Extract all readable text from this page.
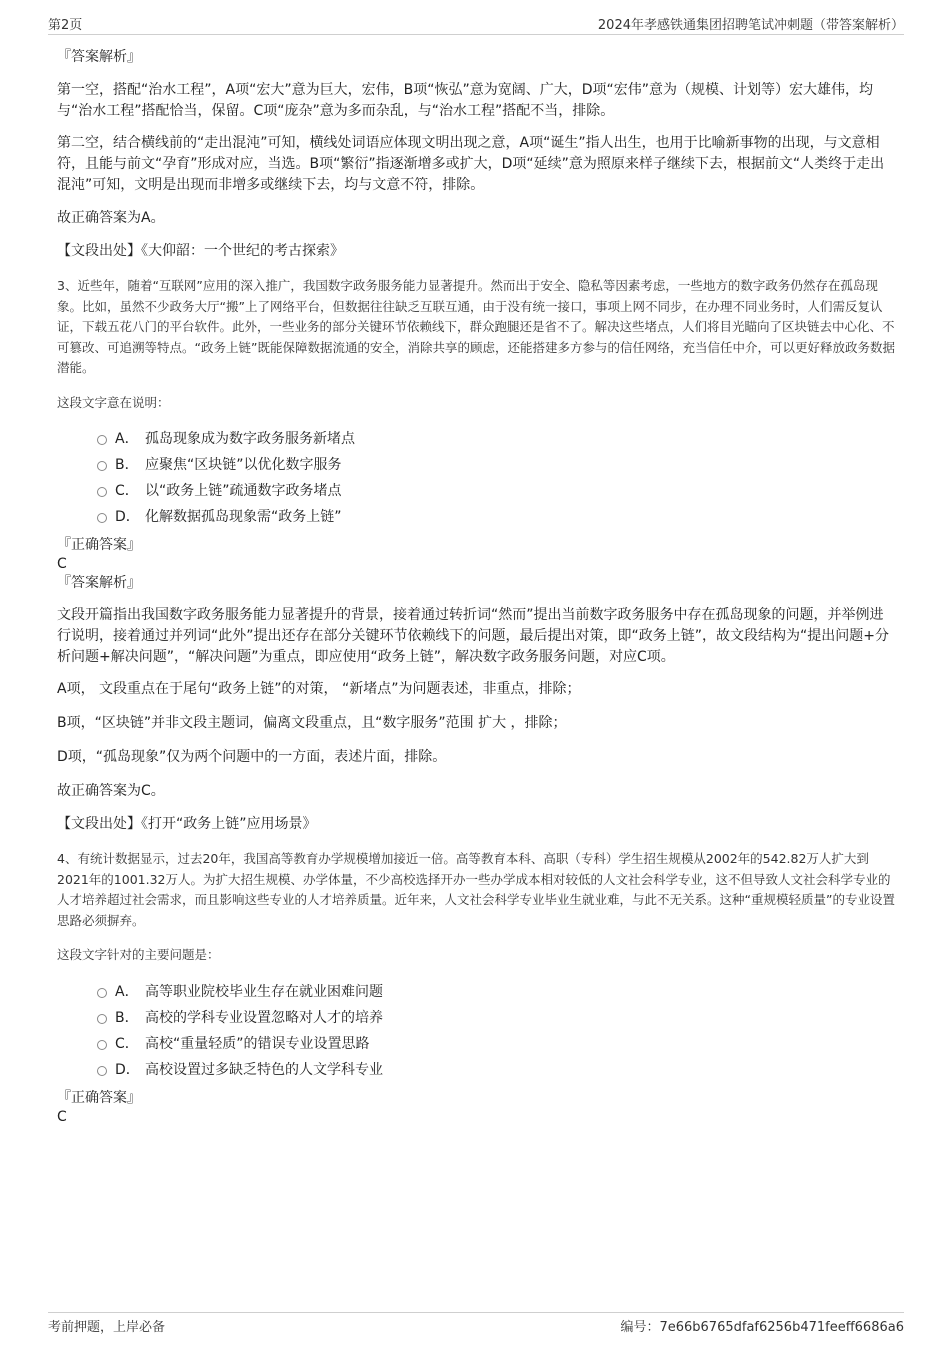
第2页	2024年孝感铁通集团招聘笔试冲刺题（带答案解析）

『答案解析』

第一空，搭配“治水工程”，A项“宏大”意为巨大，宏伟，B项“恢弘”意为宽阔、广大，D项“宏伟”意为（规模、计划等）宏大雄伟，均与“治水工程”搭配恰当，保留。C项“庞杂”意为多而杂乱，与“治水工程”搭配不当，排除。

第二空，结合横线前的“走出混沌”可知，横线处词语应体现文明出现之意，A项“诞生”指人出生，也用于比喻新事物的出现，与文意相符，且能与前文“孕育”形成对应，当选。B项“繁衍”指逐渐增多或扩大，D项“延续”意为照原来样子继续下去，根据前文“人类终于走出混沌”可知，文明是出现而非增多或继续下去，均与文意不符，排除。

故正确答案为A。

【文段出处】《大仰韶：一个世纪的考古探索》

3、近些年，随着“互联网”应用的深入推广，我国数字政务服务能力显著提升。然而出于安全、隐私等因素考虑，一些地方的数字政务仍然存在孤岛现象。比如，虽然不少政务大厅“搬”上了网络平台，但数据往往缺乏互联互通，由于没有统一接口，事项上网不同步，在办理不同业务时，人们需反复认证，下载五花八门的平台软件。此外，一些业务的部分关键环节依赖线下，群众跑腿还是省不了。解决这些堵点，人们将目光瞄向了区块链去中心化、不可篡改、可追溯等特点。“政务上链”既能保障数据流通的安全，消除共享的顾虑，还能搭建多方参与的信任网络，充当信任中介，可以更好释放政务数据潜能。

这段文字意在说明：

A． 孤岛现象成为数字政务服务新堵点
B． 应聚焦“区块链”以优化数字服务
C． 以“政务上链”疏通数字政务堵点
D． 化解数据孤岛现象需“政务上链”

『正确答案』

C

『答案解析』

文段开篇指出我国数字政务服务能力显著提升的背景，接着通过转折词“然而”提出当前数字政务服务中存在孤岛现象的问题，并举例进行说明，接着通过并列词“此外”提出还存在部分关键环节依赖线下的问题，最后提出对策，即“政务上链”，故文段结构为“提出问题+分析问题+解决问题”，“解决问题”为重点，即应使用“政务上链”，解决数字政务服务问题，对应C项。

A项， 文段重点在于尾句“政务上链”的对策， “新堵点”为问题表述，非重点，排除；

B项，“区块链”并非文段主题词，偏离文段重点，且“数字服务”范围 扩大 ，排除；

D项，“孤岛现象”仅为两个问题中的一方面，表述片面，排除。

故正确答案为C。

【文段出处】《打开“政务上链”应用场景》

4、有统计数据显示，过去20年，我国高等教育办学规模增加接近一倍。高等教育本科、高职（专科）学生招生规模从2002年的542.82万人扩大到2021年的1001.32万人。为扩大招生规模、办学体量，不少高校选择开办一些办学成本相对较低的人文社会科学专业，这不但导致人文社会科学专业的人才培养超过社会需求，而且影响这些专业的人才培养质量。近年来，人文社会科学专业毕业生就业难，与此不无关系。这种“重规模轻质量”的专业设置思路必须摒弃。

这段文字针对的主要问题是：

A． 高等职业院校毕业生存在就业困难问题
B． 高校的学科专业设置忽略对人才的培养
C． 高校“重量轻质”的错误专业设置思路
D． 高校设置过多缺乏特色的人文学科专业

『正确答案』

C

考前押题，上岸必备	编号：7e66b6765dfaf6256b471feeff6686a6
